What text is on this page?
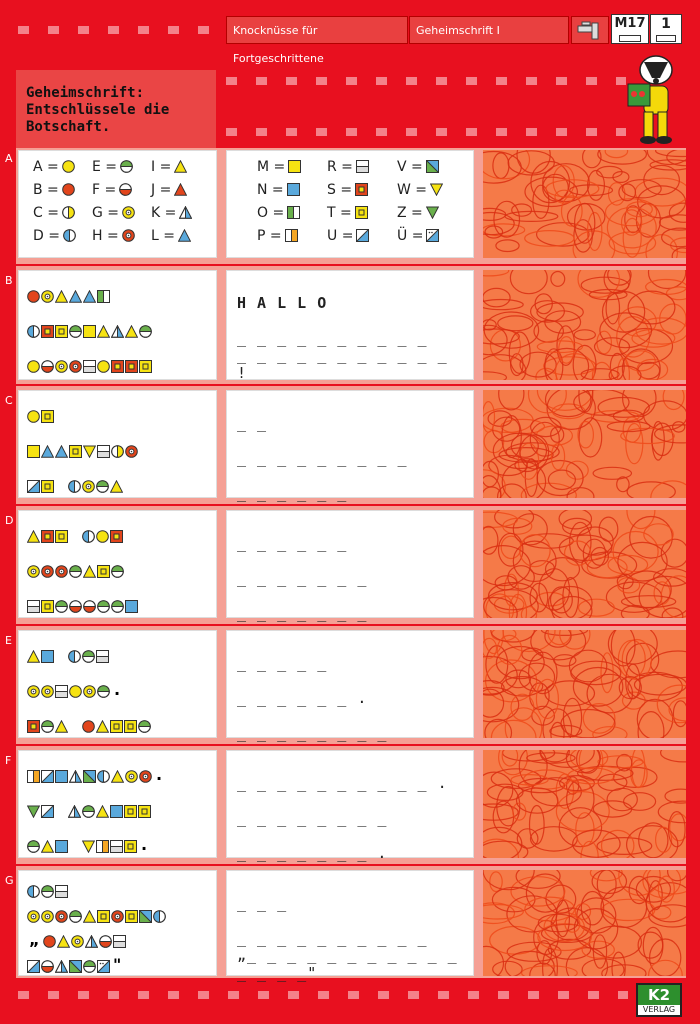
Knocknüsse für Fortgeschrittene
Geheimschrift I	M17	1
Geheimschrift: Entschlüssele die Botschaft.
A
B
C
D
E
F
G
A = E = I =
B = F = J =
C = G = K =
D = H = L =
M =	R =	V =
N =	S =	W =
O =	T =	Z =
P =	U =	Ü =
H A L L O
_ _ _ _ _ _ _ _ _ _
_ _ _ _ _ _ _ _ _ _ _ !
_ _
_ _ _ _ _ _ _ _ _
_ _ _ _ _ _
_ _ _ _ _ _
_ _ _ _ _ _ _
_ _ _ _ _ _ _
.
_ _ _ _ _
_ _ _ _ _ _ .
_ _ _ _ _ _ _ _
.
.
_ _ _ _ _ _ _ _ _ _ .
_ _ _ _ _ _ _ _
_ _ _ _ _ _ _ .
„
"
_ _ _
_ _ _ _ _ _ _ _ _ _
„_ _ _ _ _ _ _ _ _ _ _ _ _ _ _"
K2
VERLAG
